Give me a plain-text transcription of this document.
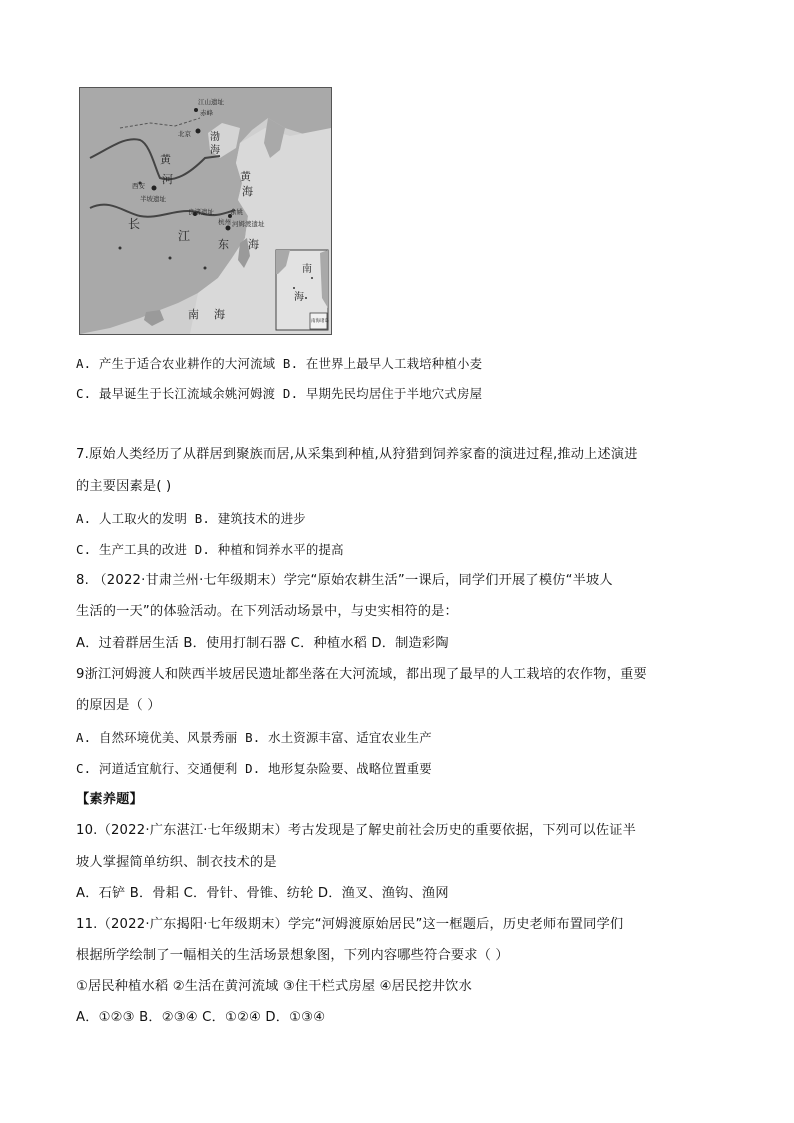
江山遗址
赤峰
北京 渤
海
黄
河
西安
半坡遗址
黄
海
良渚遗址 余姚
杭州 河姆渡遗址
长
江
东 海
南 海
南
海
南海诸岛
A. 产生于适合农业耕作的大河流域 B. 在世界上最早人工栽培种植小麦
C. 最早诞生于长江流域余姚河姆渡 D. 早期先民均居住于半地穴式房屋
7.原始人类经历了从群居到聚族而居,从采集到种植,从狩猎到饲养家畜的演进过程,推动上述演进
的主要因素是( )
A. 人工取火的发明 B. 建筑技术的进步
C. 生产工具的改进 D. 种植和饲养水平的提高
8. （2022·甘肃兰州·七年级期末）学完“原始农耕生活”一课后，同学们开展了模仿“半坡人
生活的一天”的体验活动。在下列活动场景中，与史实相符的是：
A．过着群居生活 B．使用打制石器 C．种植水稻 D．制造彩陶
9浙江河姆渡人和陕西半坡居民遗址都坐落在大河流域，都出现了最早的人工栽培的农作物，重要
的原因是（ ）
A. 自然环境优美、风景秀丽 B. 水土资源丰富、适宜农业生产
C. 河道适宜航行、交通便利 D. 地形复杂险要、战略位置重要
【素养题】
10.（2022·广东湛江·七年级期末）考古发现是了解史前社会历史的重要依据，下列可以佐证半
坡人掌握简单纺织、制衣技术的是
A．石铲 B．骨耜 C．骨针、骨锥、纺轮 D．渔叉、渔钩、渔网
11.（2022·广东揭阳·七年级期末）学完“河姆渡原始居民”这一框题后，历史老师布置同学们
根据所学绘制了一幅相关的生活场景想象图，下列内容哪些符合要求（ ）
①居民种植水稻 ②生活在黄河流域 ③住干栏式房屋 ④居民挖井饮水
A．①②③ B．②③④ C．①②④ D．①③④
